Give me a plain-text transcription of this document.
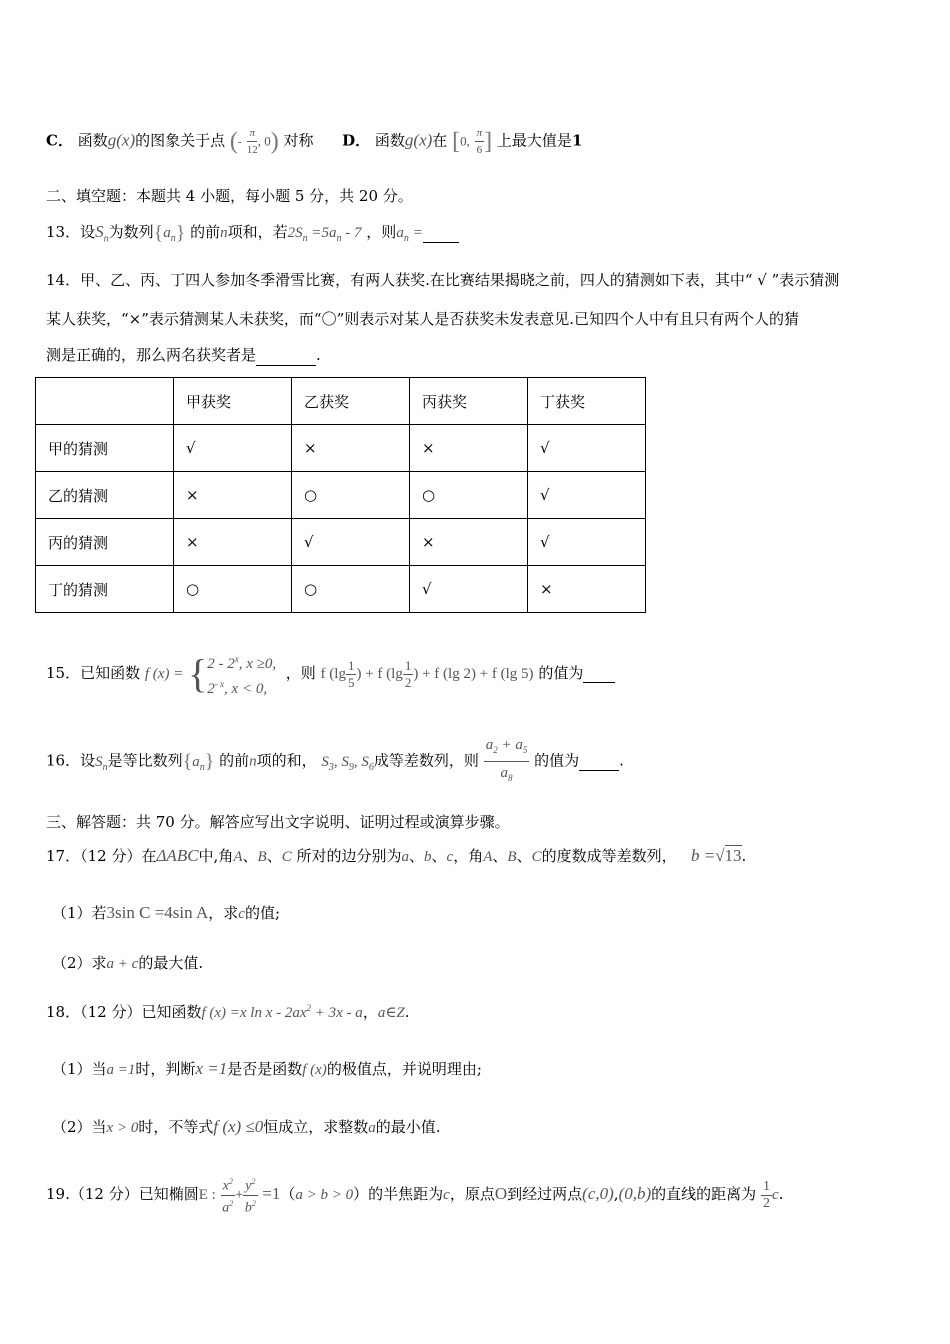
C． 函数g(x)的图象关于点 (- $\frac{\pi}{12}$ , 0) 对称 D． 函数g(x)在 [0, $\frac{\pi}{6}$ ] 上最大值是1
二、填空题：本题共 4 小题，每小题 5 分，共 20 分。
13．设$S_n$为数列$\{a_n\}$ 的前n项和，若$2S_n =5a_n - 7$ ，则$a_n$ =
14．甲、乙、丙、丁四人参加冬季滑雪比赛，有两人获奖.在比赛结果揭晓之前，四人的猜测如下表，其中“ √ ”表示猜测
某人获奖，“×”表示猜测某人未获奖，而“〇”则表示对某人是否获奖未发表意见.已知四个人中有且只有两个人的猜
测是正确的，那么两名获奖者是	.
	甲获奖	乙获奖	丙获奖	丁获奖
甲的猜测	√	×	×	√
乙的猜测	×	○	○	√
丙的猜测	×	√	×	√
丁的猜测	○	○	√	×
15．已知函数 f (x) = { 2 - 2$^x$, x ≥0,
$2^{- x}$, x < 0,
，则 f ($\lg \frac{1}{5}$ ) + f ($\lg \frac{1}{2}$ ) + f (lg 2) + f (lg 5) 的值为
16．设$S_n$是等比数列$\{a_n\}$ 的前n项的和， $S_3$, $S_9$, $S_6$成等差数列，则 $\frac{a_2 + a_5}{a_8}$ 的值为	.
三、解答题：共 70 分。解答应写出文字说明、证明过程或演算步骤。
17．（12 分）在ΔABC中,角A、B、C 所对的边分别为a、b、c，角A、B、C的度数成等差数列， b =√13.
（1）若3sin C =4sin A，求c的值;
（2）求a + c的最大值.
18．（12 分）已知函数f (x) =x $\ln x - 2ax^2 + 3x - a$，a∈Z.
（1）当a =1时，判断x =1是否是函数f (x)的极值点，并说明理由;
（2）当x > 0时，不等式f (x) ≤0恒成立，求整数a的最小值.
19.（12 分）已知椭圆E : $\frac{x^2}{a^2} + \frac{y^2}{b^2} =1(a > b > 0)$的半焦距为c，原点O到经过两点(c,0),(0,b)的直线的距离为 $\frac{1}{2} c$.
